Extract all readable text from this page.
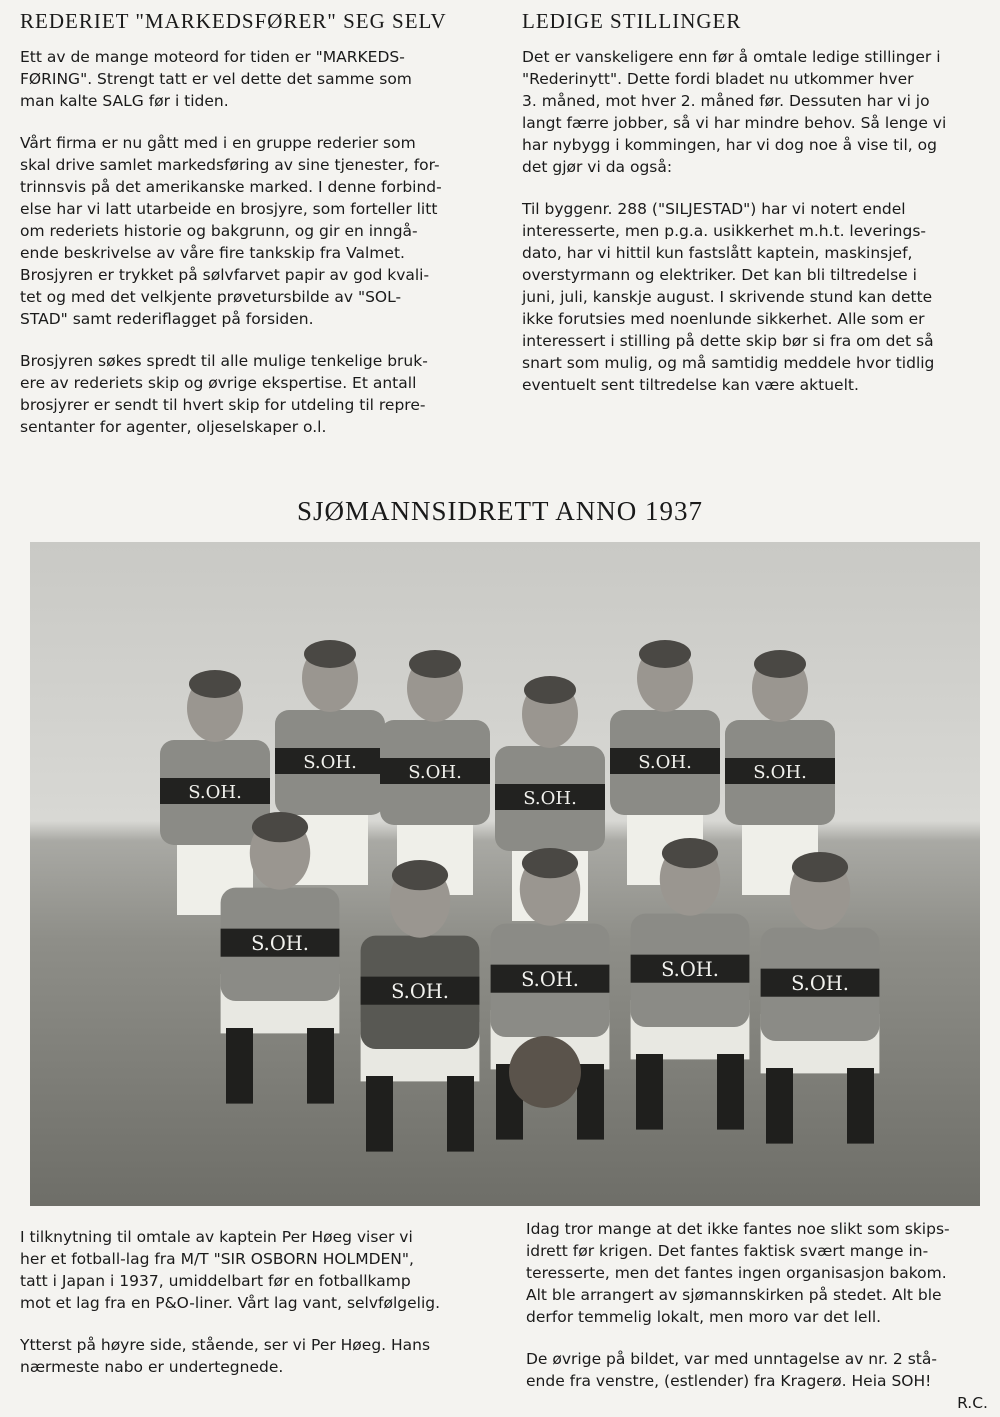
REDERIET "MARKEDSFØRER" SEG SELV

Ett av de mange moteord for tiden er "MARKEDS-
FØRING". Strengt tatt er vel dette det samme som
man kalte SALG før i tiden.

Vårt firma er nu gått med i en gruppe rederier som
skal drive samlet markedsføring av sine tjenester, for-
trinnsvis på det amerikanske marked. I denne forbind-
else har vi latt utarbeide en brosjyre, som forteller litt
om rederiets historie og bakgrunn, og gir en inngå-
ende beskrivelse av våre fire tankskip fra Valmet.
Brosjyren er trykket på sølvfarvet papir av god kvali-
tet og med det velkjente prøvetursbilde av "SOL-
STAD" samt rederiflagget på forsiden.

Brosjyren søkes spredt til alle mulige tenkelige bruk-
ere av rederiets skip og øvrige ekspertise. Et antall
brosjyrer er sendt til hvert skip for utdeling til repre-
sentanter for agenter, oljeselskaper o.l.

LEDIGE STILLINGER

Det er vanskeligere enn før å omtale ledige stillinger i
"Rederinytt". Dette fordi bladet nu utkommer hver
3. måned, mot hver 2. måned før. Dessuten har vi jo
langt færre jobber, så vi har mindre behov. Så lenge vi
har nybygg i kommingen, har vi dog noe å vise til, og
det gjør vi da også:

Til byggenr. 288 ("SILJESTAD") har vi notert endel
interesserte, men p.g.a. usikkerhet m.h.t. leverings-
dato, har vi hittil kun fastslått kaptein, maskinsjef,
overstyrmann og elektriker. Det kan bli tiltredelse i
juni, juli, kanskje august. I skrivende stund kan dette
ikke forutsies med noenlunde sikkerhet. Alle som er
interessert i stilling på dette skip bør si fra om det så
snart som mulig, og må samtidig meddele hvor tidlig
eventuelt sent tiltredelse kan være aktuelt.

SJØMANNSIDRETT ANNO 1937
S.OH.
S.OH.	S.OH.
S.OH.
S.OH.	S.OH.
S.OH.
S.OH.
S.OH.	S.OH.
S.OH.

I tilknytning til omtale av kaptein Per Høeg viser vi
her et fotball-lag fra M/T "SIR OSBORN HOLMDEN",
tatt i Japan i 1937, umiddelbart før en fotballkamp
mot et lag fra en P&O-liner. Vårt lag vant, selvfølgelig.

Ytterst på høyre side, stående, ser vi Per Høeg. Hans
nærmeste nabo er undertegnede.

Idag tror mange at det ikke fantes noe slikt som skips-
idrett før krigen. Det fantes faktisk svært mange in-
teresserte, men det fantes ingen organisasjon bakom.
Alt ble arrangert av sjømannskirken på stedet. Alt ble
derfor temmelig lokalt, men moro var det lell.

De øvrige på bildet, var med unntagelse av nr. 2 stå-
ende fra venstre, (estlender) fra Kragerø. Heia SOH!

R.C.
